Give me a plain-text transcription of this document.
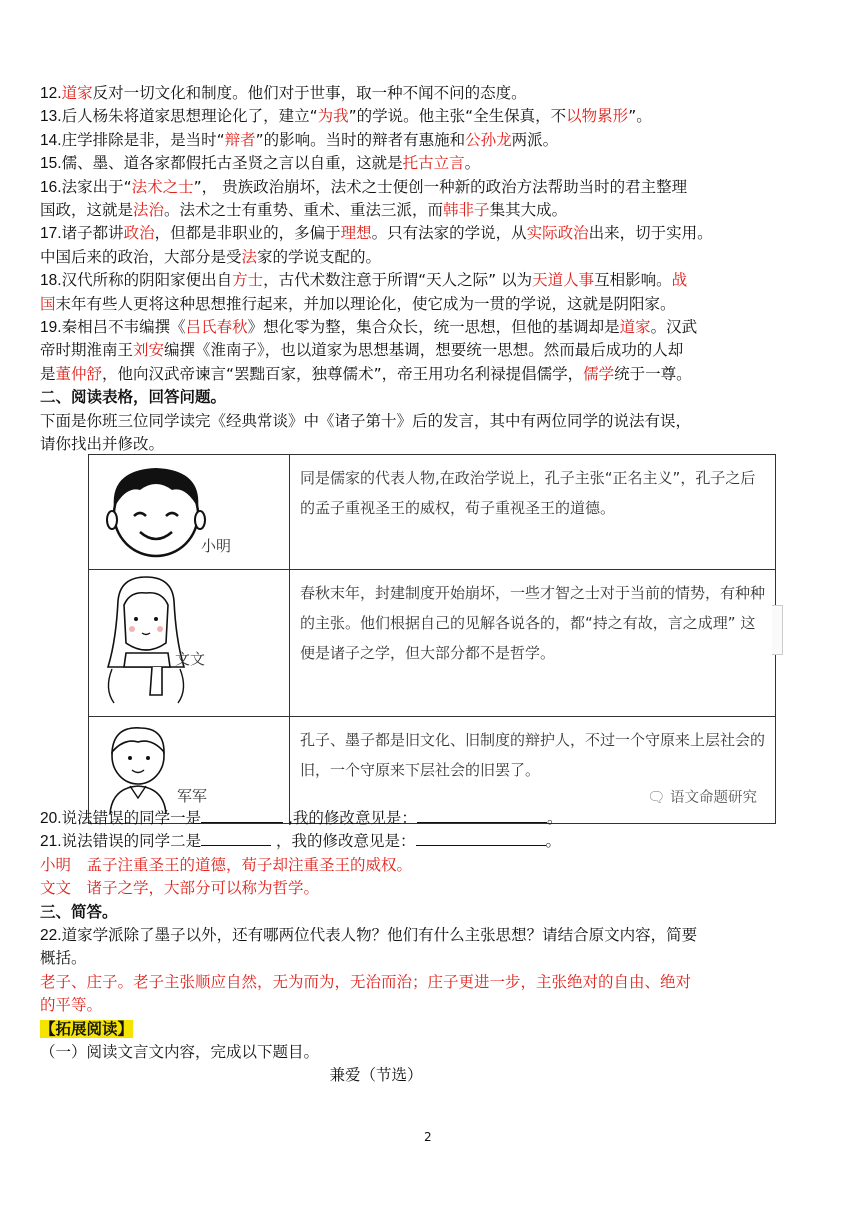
12.道家反对一切文化和制度。他们对于世事，取一种不闻不问的态度。
13.后人杨朱将道家思想理论化了，建立“为我”的学说。他主张“全生保真，不以物累形”。
14.庄学排除是非，是当时“辩者”的影响。当时的辩者有惠施和公孙龙两派。
15.儒、墨、道各家都假托古圣贤之言以自重，这就是托古立言。
16.法家出于“法术之士”， 贵族政治崩坏，法术之士便创一种新的政治方法帮助当时的君主整理
国政，这就是法治。法术之士有重势、重术、重法三派，而韩非子集其大成。
17.诸子都讲政治，但都是非职业的，多偏于理想。只有法家的学说，从实际政治出来，切于实用。
中国后来的政治，大部分是受法家的学说支配的。
18.汉代所称的阴阳家便出自方士，古代术数注意于所谓“天人之际” 以为天道人事互相影响。战
国末年有些人更将这种思想推行起来，并加以理论化，使它成为一贯的学说，这就是阴阳家。
19.秦相吕不韦编撰《吕氏春秋》想化零为整，集合众长，统一思想，但他的基调却是道家。汉武
帝时期淮南王刘安编撰《淮南子》，也以道家为思想基调，想要统一思想。然而最后成功的人却
是董仲舒，他向汉武帝谏言“罢黜百家，独尊儒术”，帝王用功名利禄提倡儒学，儒学统于一尊。
二、阅读表格，回答问题。
下面是你班三位同学读完《经典常谈》中《诸子第十》后的发言，其中有两位同学的说法有误，
请你找出并修改。
小明	同是儒家的代表人物,在政治学说上，孔子主张“正名主义”，孔子之后的孟子重视圣王的威权，荀子重视圣王的道德。

文文	春秋末年，封建制度开始崩坏，一些才智之士对于当前的情势，有种种的主张。他们根据自己的见解各说各的，都“持之有故，言之成理” 这便是诸子之学，但大部分都不是哲学。

军军	孔子、墨子都是旧文化、旧制度的辩护人，不过一个守原来上层社会的旧，一个守原来下层社会的旧罢了。
🗨︎ 语文命题研究
20.说法错误的同学一是	,我的修改意见是：	。
21.说法错误的同学二是	，我的修改意见是：	。
小明　孟子注重圣王的道德，荀子却注重圣王的威权。
文文　诸子之学，大部分可以称为哲学。
三、简答。
22.道家学派除了墨子以外，还有哪两位代表人物？他们有什么主张思想？请结合原文内容，简要
概括。
老子、庄子。老子主张顺应自然，无为而为，无治而治；庄子更进一步，主张绝对的自由、绝对
的平等。
【拓展阅读】
（一）阅读文言文内容，完成以下题目。
兼爱（节选）
2
